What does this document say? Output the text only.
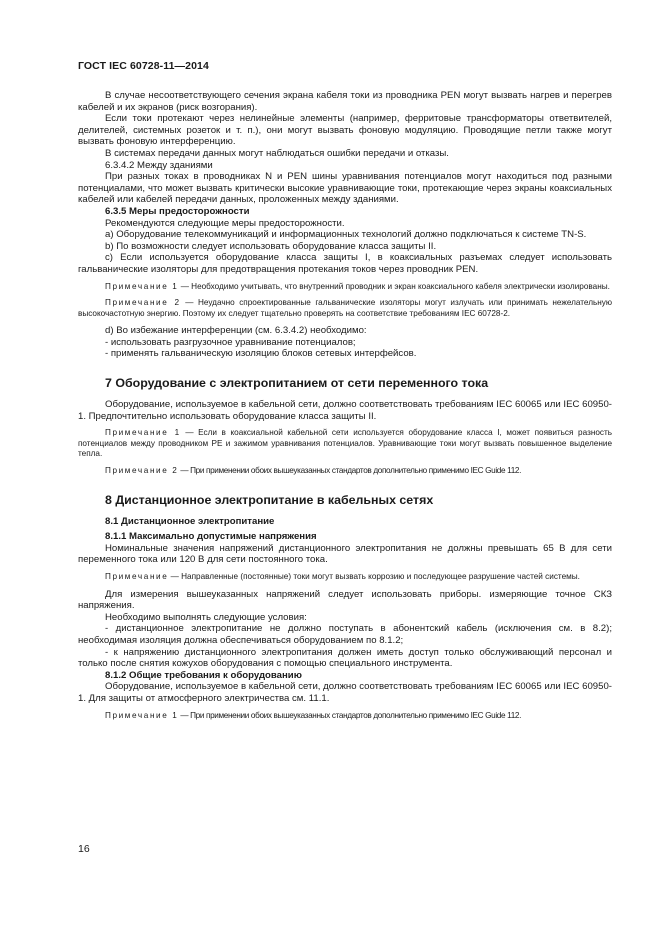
ГОСТ IEC 60728-11—2014

В случае несоответствующего сечения экрана кабеля токи из проводника PEN могут вызвать нагрев и перегрев кабелей и их экранов (риск возгорания).

Если токи протекают через нелинейные элементы (например, ферритовые трансформаторы ответвителей, делителей, системных розеток и т. п.), они могут вызвать фоновую модуляцию. Проводящие петли также могут вызвать фоновую интерференцию.

В системах передачи данных могут наблюдаться ошибки передачи и отказы.

6.3.4.2 Между зданиями

При разных токах в проводниках N и PEN шины уравнивания потенциалов могут находиться под разными потенциалами, что может вызвать критически высокие уравнивающие токи, протекающие через экраны коаксиальных кабелей или кабелей передачи данных, проложенных между зданиями.

6.3.5 Меры предосторожности

Рекомендуются следующие меры предосторожности.

а) Оборудование телекоммуникаций и информационных технологий должно подключаться к системе TN-S.

b) По возможности следует использовать оборудование класса защиты II.

c) Если используется оборудование класса защиты I, в коаксиальных разъемах следует использовать гальванические изоляторы для предотвращения протекания токов через проводник PEN.

Примечание 1 — Необходимо учитывать, что внутренний проводник и экран коаксиального кабеля электрически изолированы.

Примечание 2 — Неудачно спроектированные гальванические изоляторы могут излучать или принимать нежелательную высокочастотную энергию. Поэтому их следует тщательно проверять на соответствие требованиям IEC 60728-2.

d) Во избежание интерференции (см. 6.3.4.2) необходимо:

- использовать разгрузочное уравнивание потенциалов;

- применять гальваническую изоляцию блоков сетевых интерфейсов.

7 Оборудование с электропитанием от сети переменного тока

Оборудование, используемое в кабельной сети, должно соответствовать требованиям IEC 60065 или IEC 60950-1. Предпочтительно использовать оборудование класса защиты II.

Примечание 1 — Если в коаксиальной кабельной сети используется оборудование класса I, может появиться разность потенциалов между проводником PE и зажимом уравнивания потенциалов. Уравнивающие токи могут вызвать повышенное выделение тепла.

Примечание 2 — При применении обоих вышеуказанных стандартов дополнительно применимо IEC Guide 112.

8 Дистанционное электропитание в кабельных сетях

8.1 Дистанционное электропитание

8.1.1 Максимально допустимые напряжения

Номинальные значения напряжений дистанционного электропитания не должны превышать 65 В для сети переменного тока или 120 В для сети постоянного тока.

Примечание — Направленные (постоянные) токи могут вызвать коррозию и последующее разрушение частей системы.

Для измерения вышеуказанных напряжений следует использовать приборы. измеряющие точное СКЗ напряжения.

Необходимо выполнять следующие условия:

- дистанционное электропитание не должно поступать в абонентский кабель (исключения см. в 8.2); необходимая изоляция должна обеспечиваться оборудованием по 8.1.2;

- к напряжению дистанционного электропитания должен иметь доступ только обслуживающий персонал и только после снятия кожухов оборудования с помощью специального инструмента.

8.1.2 Общие требования к оборудованию

Оборудование, используемое в кабельной сети, должно соответствовать требованиям IEC 60065 или IEC 60950-1. Для защиты от атмосферного электричества см. 11.1.

Примечание 1 — При применении обоих вышеуказанных стандартов дополнительно применимо IEC Guide 112.

16
